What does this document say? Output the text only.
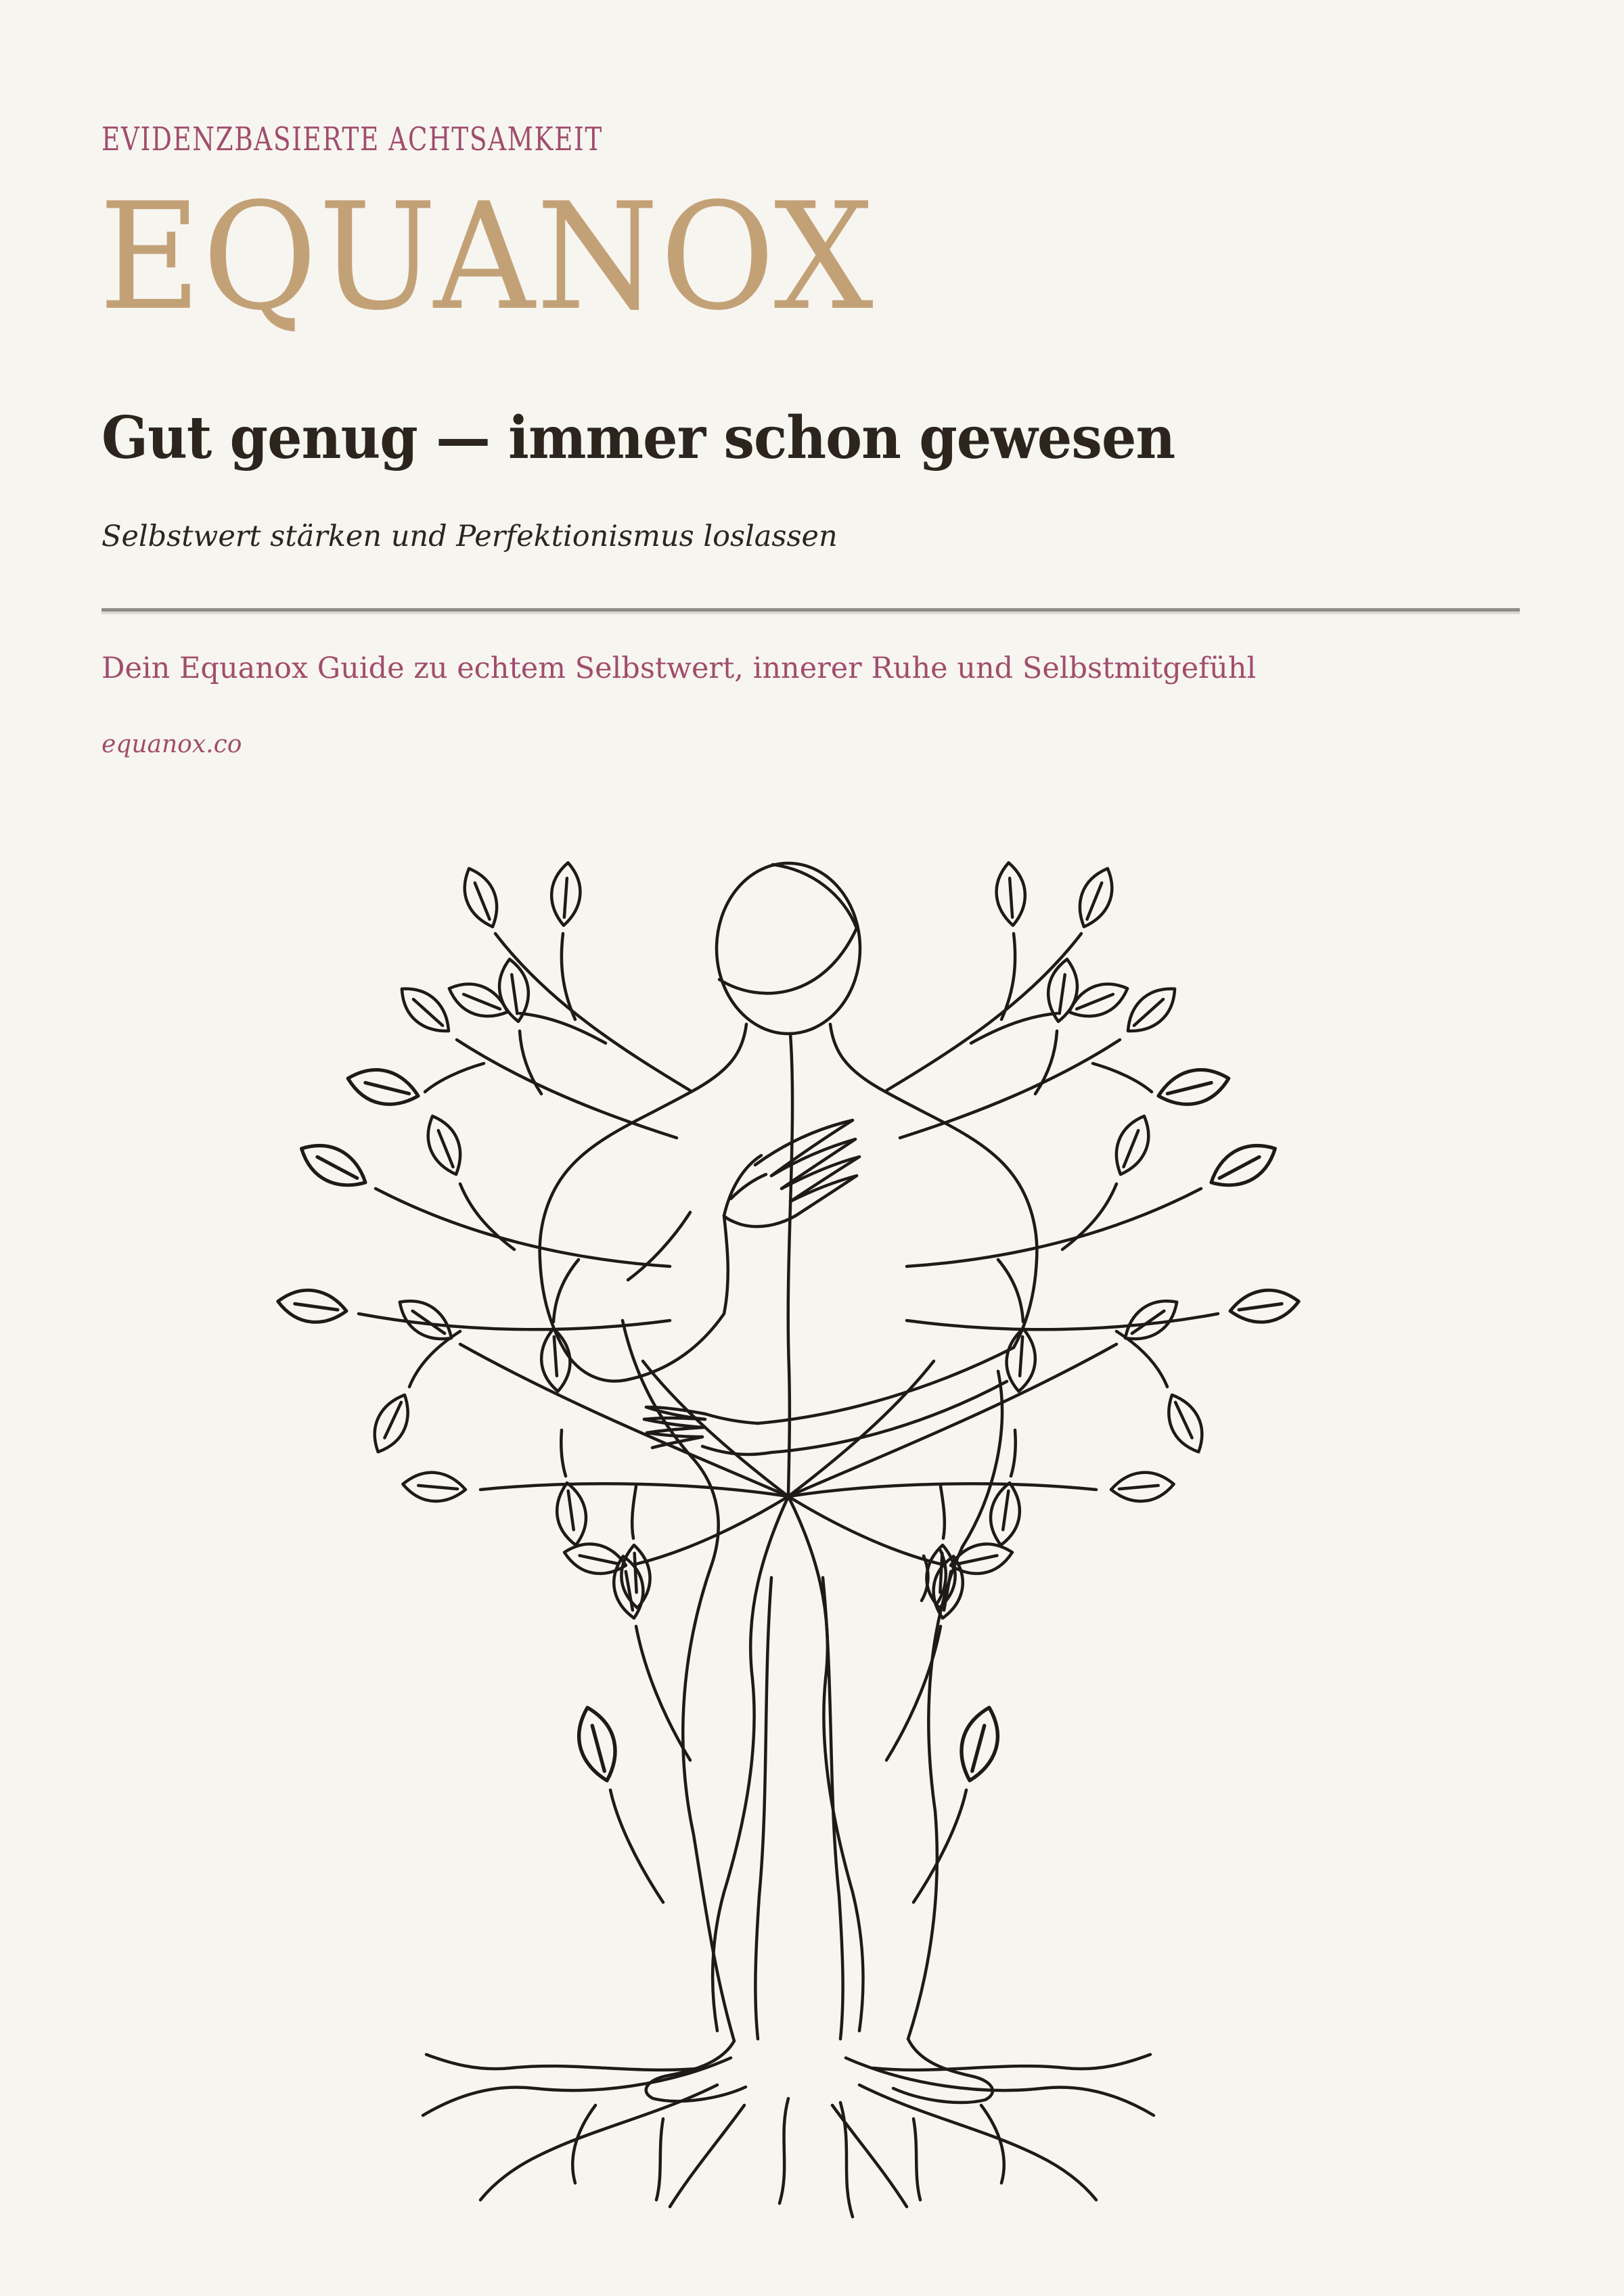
EVIDENZBASIERTE ACHTSAMKEIT
EQUANOX
Gut genug — immer schon gewesen
Selbstwert stärken und Perfektionismus loslassen
Dein Equanox Guide zu echtem Selbstwert, innerer Ruhe und Selbstmitgefühl
equanox.co
